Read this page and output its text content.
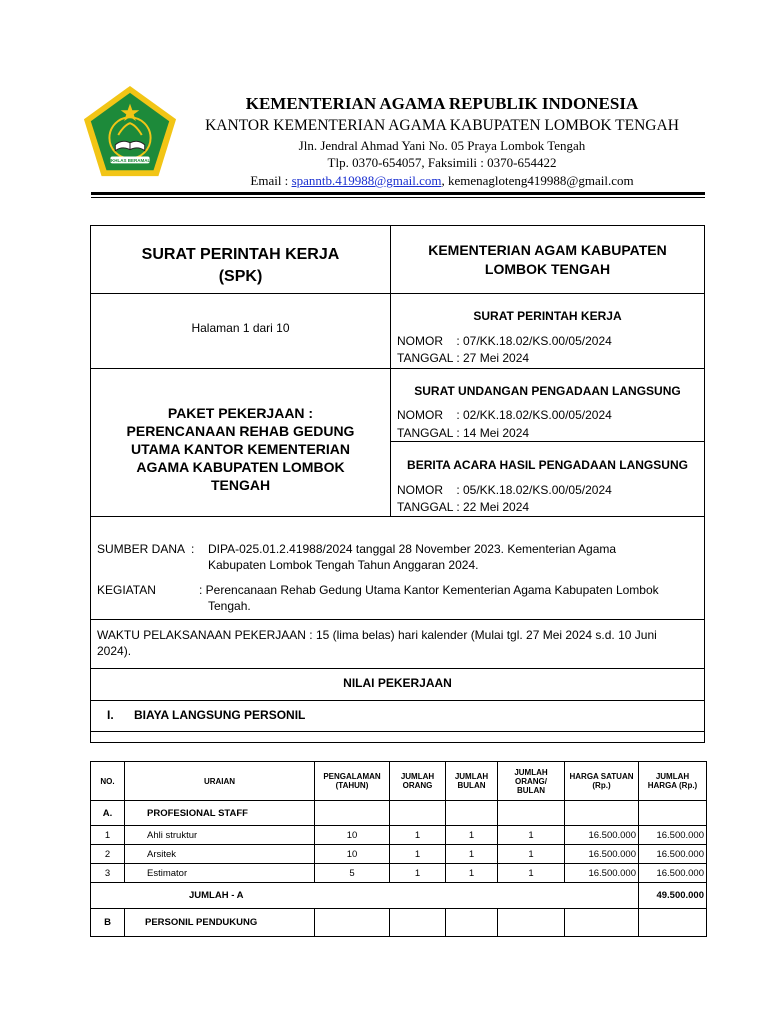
IKHLAS BERAMAL
KEMENTERIAN AGAMA REPUBLIK INDONESIA
KANTOR KEMENTERIAN AGAMA KABUPATEN LOMBOK TENGAH
Jln. Jendral Ahmad Yani No. 05 Praya Lombok Tengah
Tlp. 0370-654057, Faksimili : 0370-654422
Email : spanntb.419988@gmail.com, kemenagloteng419988@gmail.com
SURAT PERINTAH KERJA
(SPK)
KEMENTERIAN AGAM KABUPATEN
LOMBOK TENGAH
Halaman 1 dari 10
SURAT PERINTAH KERJA
NOMOR    : 07/KK.18.02/KS.00/05/2024
TANGGAL : 27 Mei 2024
PAKET PEKERJAAN :
PERENCANAAN REHAB GEDUNG
UTAMA KANTOR KEMENTERIAN
AGAMA KABUPATEN LOMBOK
TENGAH
SURAT UNDANGAN PENGADAAN LANGSUNG
NOMOR    : 02/KK.18.02/KS.00/05/2024
TANGGAL : 14 Mei 2024
BERITA ACARA HASIL PENGADAAN LANGSUNG
NOMOR    : 05/KK.18.02/KS.00/05/2024
TANGGAL : 22 Mei 2024
SUMBER DANA  : DIPA-025.01.2.41988/2024 tanggal 28 November 2023. Kementerian Agama
Kabupaten Lombok Tengah Tahun Anggaran 2024.
KEGIATAN	: Perencanaan Rehab Gedung Utama Kantor Kementerian Agama Kabupaten Lombok
Tengah.
WAKTU PELAKSANAAN PEKERJAAN : 15 (lima belas) hari kalender (Mulai tgl. 27 Mei 2024 s.d. 10 Juni
2024).
NILAI PEKERJAAN
I. BIAYA LANGSUNG PERSONIL
NO.	URAIAN	PENGALAMAN (TAHUN)	JUMLAH ORANG	JUMLAH BULAN	JUMLAH ORANG/ BULAN	HARGA SATUAN (Rp.)	JUMLAH HARGA (Rp.)
A.	PROFESIONAL STAFF						
1	Ahli struktur	10	1	1	1	16.500.000	16.500.000
2	Arsitek	10	1	1	1	16.500.000	16.500.000
3	Estimator	5	1	1	1	16.500.000	16.500.000
JUMLAH - A							49.500.000
B	PERSONIL PENDUKUNG						
